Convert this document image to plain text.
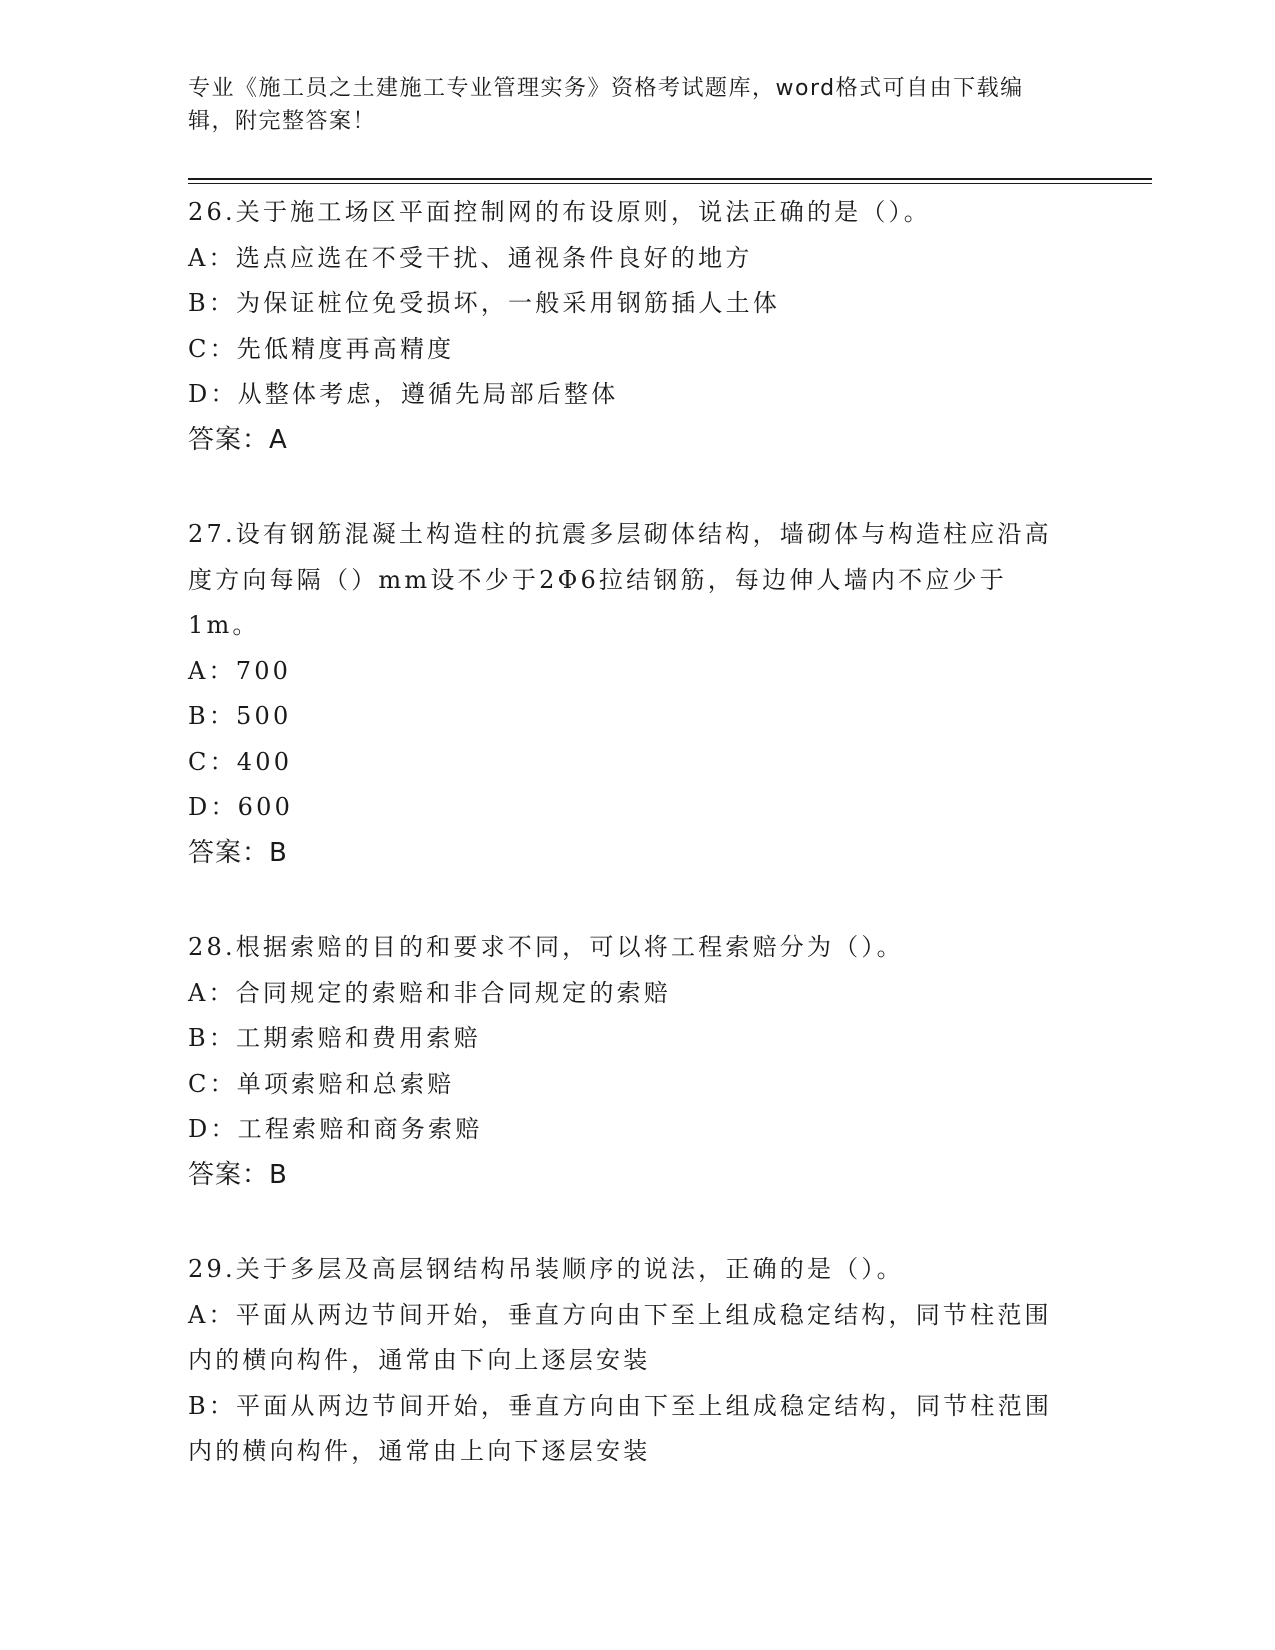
专业《施工员之土建施工专业管理实务》资格考试题库，word格式可自由下载编辑，附完整答案！
26.关于施工场区平面控制网的布设原则，说法正确的是（）。
A：选点应选在不受干扰、通视条件良好的地方
B：为保证桩位免受损坏，一般采用钢筋插人土体
C：先低精度再高精度
D：从整体考虑，遵循先局部后整体
答案：A
27.设有钢筋混凝土构造柱的抗震多层砌体结构，墙砌体与构造柱应沿高度方向每隔（）mm设不少于2Φ6拉结钢筋，每边伸人墙内不应少于1m。
A：700
B：500
C：400
D：600
答案：B
28.根据索赔的目的和要求不同，可以将工程索赔分为（）。
A：合同规定的索赔和非合同规定的索赔
B：工期索赔和费用索赔
C：单项索赔和总索赔
D：工程索赔和商务索赔
答案：B
29.关于多层及高层钢结构吊装顺序的说法，正确的是（）。
A：平面从两边节间开始，垂直方向由下至上组成稳定结构，同节柱范围内的横向构件，通常由下向上逐层安装
B：平面从两边节间开始，垂直方向由下至上组成稳定结构，同节柱范围内的横向构件，通常由上向下逐层安装
